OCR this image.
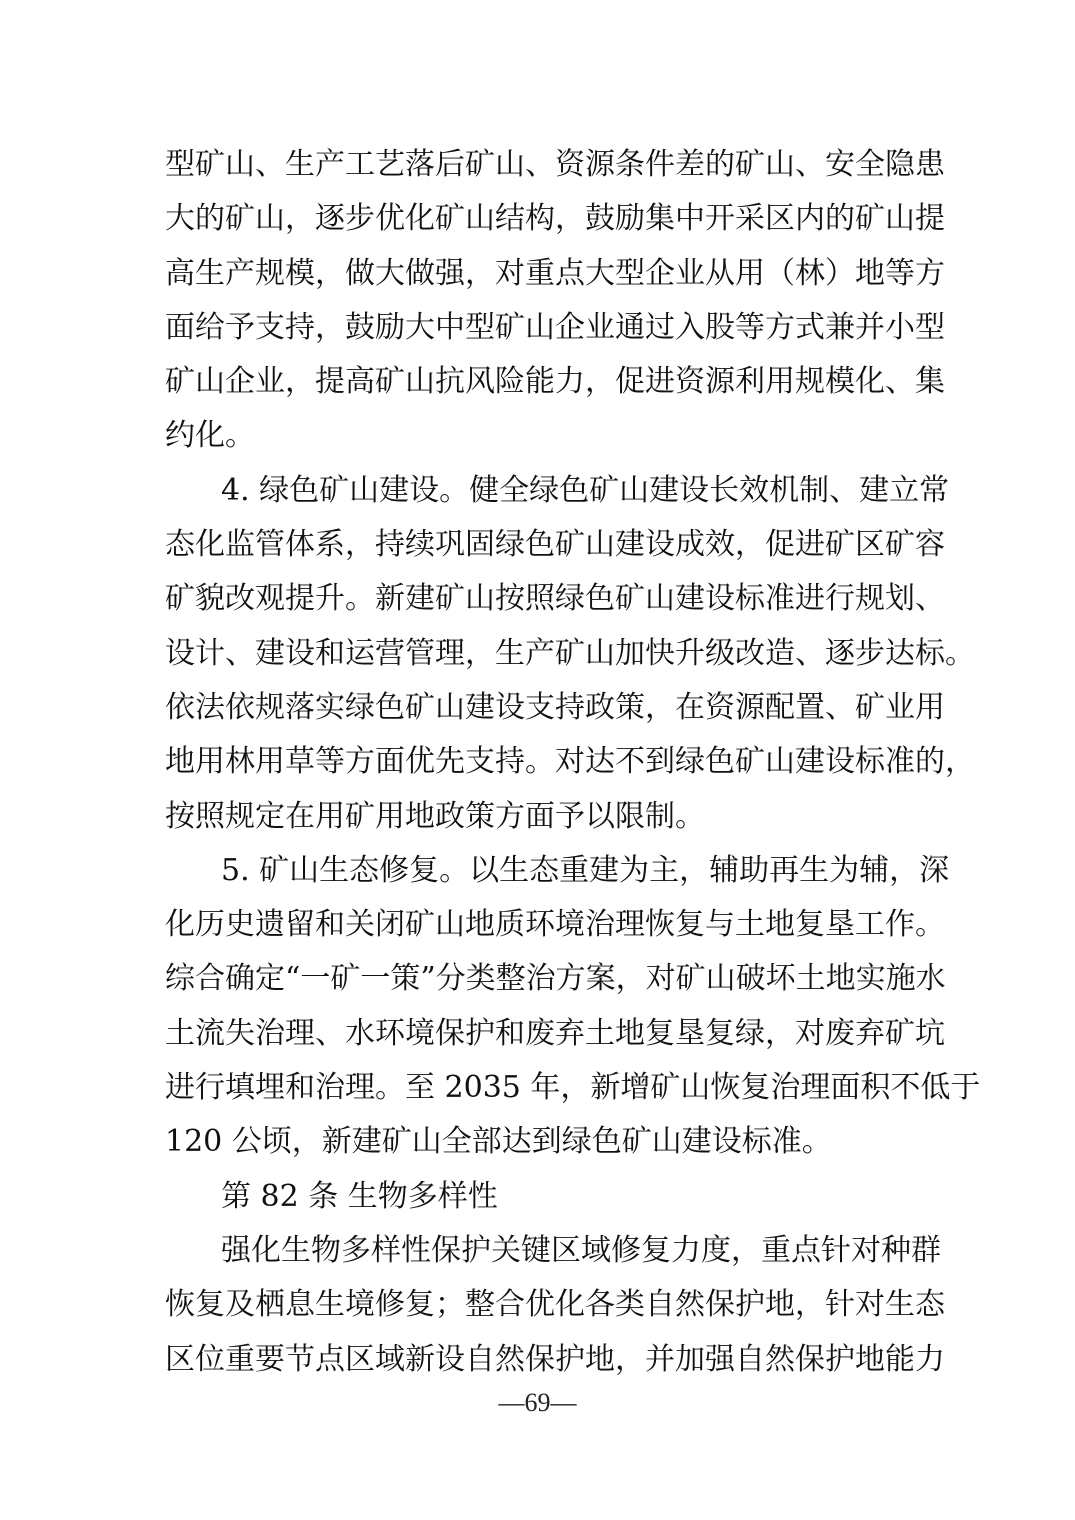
型矿山、生产工艺落后矿山、资源条件差的矿山、安全隐患
大的矿山，逐步优化矿山结构，鼓励集中开采区内的矿山提
高生产规模，做大做强，对重点大型企业从用（林）地等方
面给予支持，鼓励大中型矿山企业通过入股等方式兼并小型
矿山企业，提高矿山抗风险能力，促进资源利用规模化、集
约化。
4. 绿色矿山建设。健全绿色矿山建设长效机制、建立常
态化监管体系，持续巩固绿色矿山建设成效，促进矿区矿容
矿貌改观提升。新建矿山按照绿色矿山建设标准进行规划、
设计、建设和运营管理，生产矿山加快升级改造、逐步达标。
依法依规落实绿色矿山建设支持政策，在资源配置、矿业用
地用林用草等方面优先支持。对达不到绿色矿山建设标准的，
按照规定在用矿用地政策方面予以限制。
5. 矿山生态修复。以生态重建为主，辅助再生为辅，深
化历史遗留和关闭矿山地质环境治理恢复与土地复垦工作。
综合确定“一矿一策”分类整治方案，对矿山破坏土地实施水
土流失治理、水环境保护和废弃土地复垦复绿，对废弃矿坑
进行填埋和治理。至 2035 年，新增矿山恢复治理面积不低于
120 公顷，新建矿山全部达到绿色矿山建设标准。
第 82 条 生物多样性
强化生物多样性保护关键区域修复力度，重点针对种群
恢复及栖息生境修复；整合优化各类自然保护地，针对生态
区位重要节点区域新设自然保护地，并加强自然保护地能力
—69—
